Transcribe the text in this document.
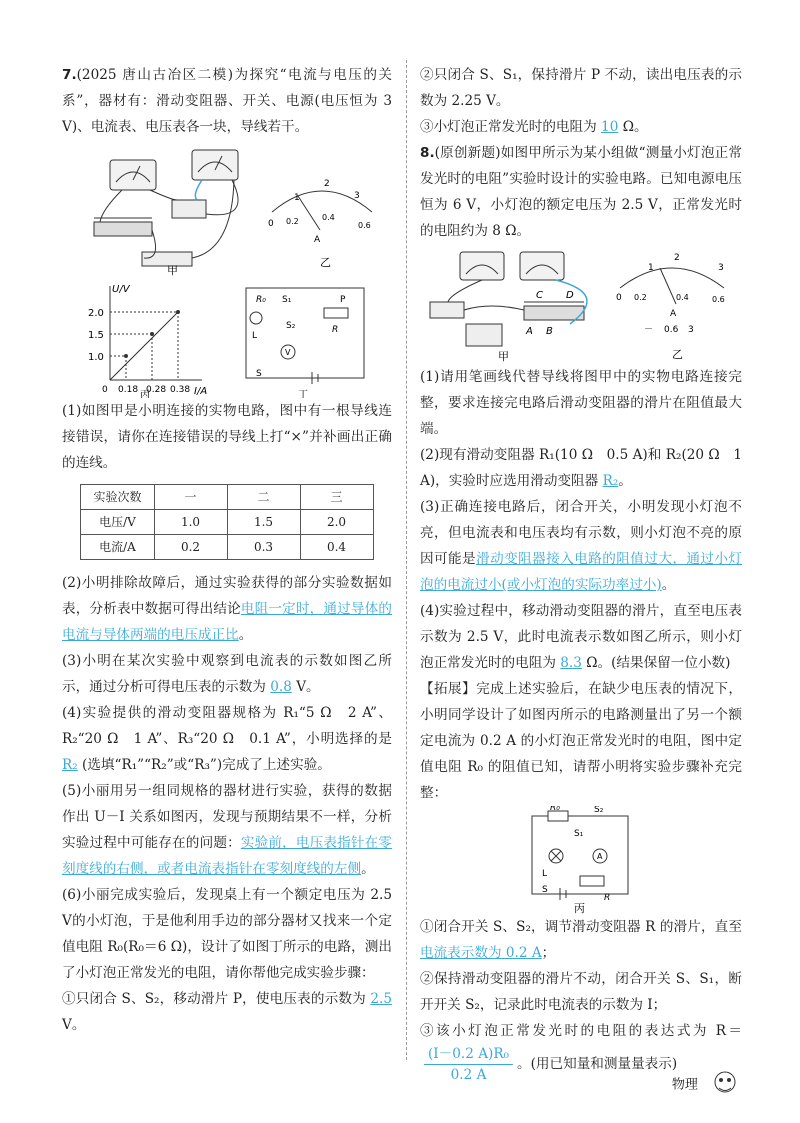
7.(2025 唐山古冶区二模)为探究“电流与电压的关系”，器材有：滑动变阻器、开关、电源(电压恒为 3 V)、电流表、电压表各一块，导线若干。

甲
0
1
2
3
0.2	0.4
0.6
A
乙
U/V
I/A
1.0
1.5
2.0
0 0.18 0.28 0.38
丙
R₀ S₁
L
S₂	R
P
V
S
丁

(1)如图甲是小明连接的实物电路，图中有一根导线连接错误，请你在连接错误的导线上打“×”并补画出正确的连线。

实验次数	一	二	三
电压/V	1.0	1.5	2.0
电流/A	0.2	0.3	0.4

(2)小明排除故障后，通过实验获得的部分实验数据如表，分析表中数据可得出结论电阻一定时，通过导体的电流与导体两端的电压成正比。

(3)小明在某次实验中观察到电流表的示数如图乙所示，通过分析可得电压表的示数为 0.8 V。

(4)实验提供的滑动变阻器规格为 R₁“5 Ω　2 A”、R₂“20 Ω　1 A”、R₃“20 Ω　0.1 A”，小明选择的是 R₂ (选填“R₁”“R₂”或“R₃”)完成了上述实验。

(5)小丽用另一组同规格的器材进行实验，获得的数据作出 U－I 关系如图丙，发现与预期结果不一样，分析实验过程中可能存在的问题：实验前，电压表指针在零刻度线的右侧，或者电流表指针在零刻度线的左侧。

(6)小丽完成实验后，发现桌上有一个额定电压为 2.5 V的小灯泡，于是他利用手边的部分器材又找来一个定值电阻 R₀(R₀＝6 Ω)，设计了如图丁所示的电路，测出了小灯泡正常发光的电阻，请你帮他完成实验步骤：

①只闭合 S、S₂，移动滑片 P，使电压表的示数为 2.5 V。

②只闭合 S、S₁，保持滑片 P 不动，读出电压表的示数为 2.25 V。

③小灯泡正常发光时的电阻为 10 Ω。

8.(原创新题)如图甲所示为某小组做“测量小灯泡正常发光时的电阻”实验时设计的实验电路。已知电源电压恒为 6 V，小灯泡的额定电压为 2.5 V，正常发光时的电阻约为 8 Ω。

C D
A B
甲
0
1
2
3
0.2	0.4	0.6
A
－ 0.6 3
乙

(1)请用笔画线代替导线将图甲中的实物电路连接完整，要求连接完电路后滑动变阻器的滑片在阻值最大端。

(2)现有滑动变阻器 R₁(10 Ω　0.5 A)和 R₂(20 Ω　1 A)，实验时应选用滑动变阻器 R₂。

(3)正确连接电路后，闭合开关，小明发现小灯泡不亮，但电流表和电压表均有示数，则小灯泡不亮的原因可能是滑动变阻器接入电路的阻值过大，通过小灯泡的电流过小(或小灯泡的实际功率过小)。

(4)实验过程中，移动滑动变阻器的滑片，直至电压表示数为 2.5 V，此时电流表示数如图乙所示，则小灯泡正常发光时的电阻为 8.3 Ω。(结果保留一位小数)

【拓展】完成上述实验后，在缺少电压表的情况下，小明同学设计了如图丙所示的电路测量出了另一个额定电流为 0.2 A 的小灯泡正常发光时的电阻，图中定值电阻 R₀ 的阻值已知，请帮小明将实验步骤补充完整：

R₀	S₂
S₁
A
L
S
R
丙

①闭合开关 S、S₂，调节滑动变阻器 R 的滑片，直至电流表示数为 0.2 A；

②保持滑动变阻器的滑片不动，闭合开关 S、S₁，断开开关 S₂，记录此时电流表的示数为 I；

③该小灯泡正常发光时的电阻的表达式为 R＝
$\frac{\text{(I－0.2 A)R₀}}{0.2 A}$ 。(用已知量和测量量表示)

物理
